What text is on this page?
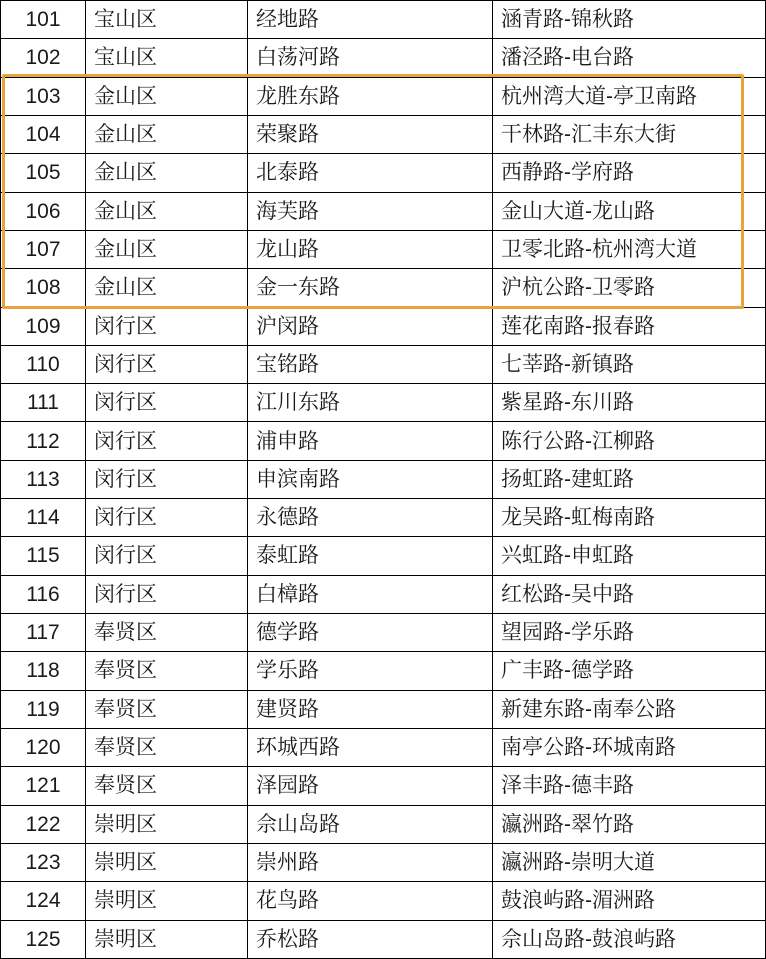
101	宝山区	经地路	涵青路-锦秋路
102	宝山区	白荡河路	潘泾路-电台路
103	金山区	龙胜东路	杭州湾大道-亭卫南路
104	金山区	荣聚路	干林路-汇丰东大街
105	金山区	北泰路	西静路-学府路
106	金山区	海芙路	金山大道-龙山路
107	金山区	龙山路	卫零北路-杭州湾大道
108	金山区	金一东路	沪杭公路-卫零路
109	闵行区	沪闵路	莲花南路-报春路
110	闵行区	宝铭路	七莘路-新镇路
111	闵行区	江川东路	紫星路-东川路
112	闵行区	浦申路	陈行公路-江柳路
113	闵行区	申滨南路	扬虹路-建虹路
114	闵行区	永德路	龙吴路-虹梅南路
115	闵行区	泰虹路	兴虹路-申虹路
116	闵行区	白樟路	红松路-吴中路
117	奉贤区	德学路	望园路-学乐路
118	奉贤区	学乐路	广丰路-德学路
119	奉贤区	建贤路	新建东路-南奉公路
120	奉贤区	环城西路	南亭公路-环城南路
121	奉贤区	泽园路	泽丰路-德丰路
122	崇明区	佘山岛路	瀛洲路-翠竹路
123	崇明区	崇州路	瀛洲路-崇明大道
124	崇明区	花鸟路	鼓浪屿路-湄洲路
125	崇明区	乔松路	佘山岛路-鼓浪屿路
